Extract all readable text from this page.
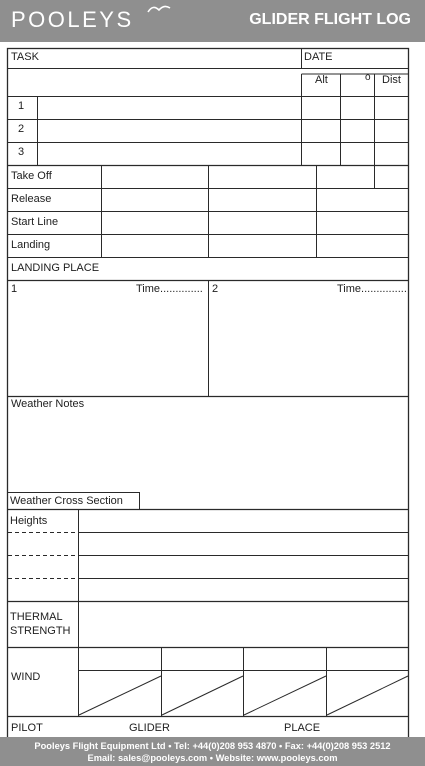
POOLEYS	GLIDER FLIGHT LOG
TASK	DATE
Alt	o Dist
1
2
3
Take Off
Release
Start Line
Landing
LANDING PLACE
1	Time.............. 2	Time...............
Weather Notes
Weather Cross Section
Heights
THERMAL
STRENGTH
WIND
PILOT	GLIDER	PLACE
Pooleys Flight Equipment Ltd • Tel: +44(0)208 953 4870 • Fax: +44(0)208 953 2512
Email: sales@pooleys.com • Website: www.pooleys.com
